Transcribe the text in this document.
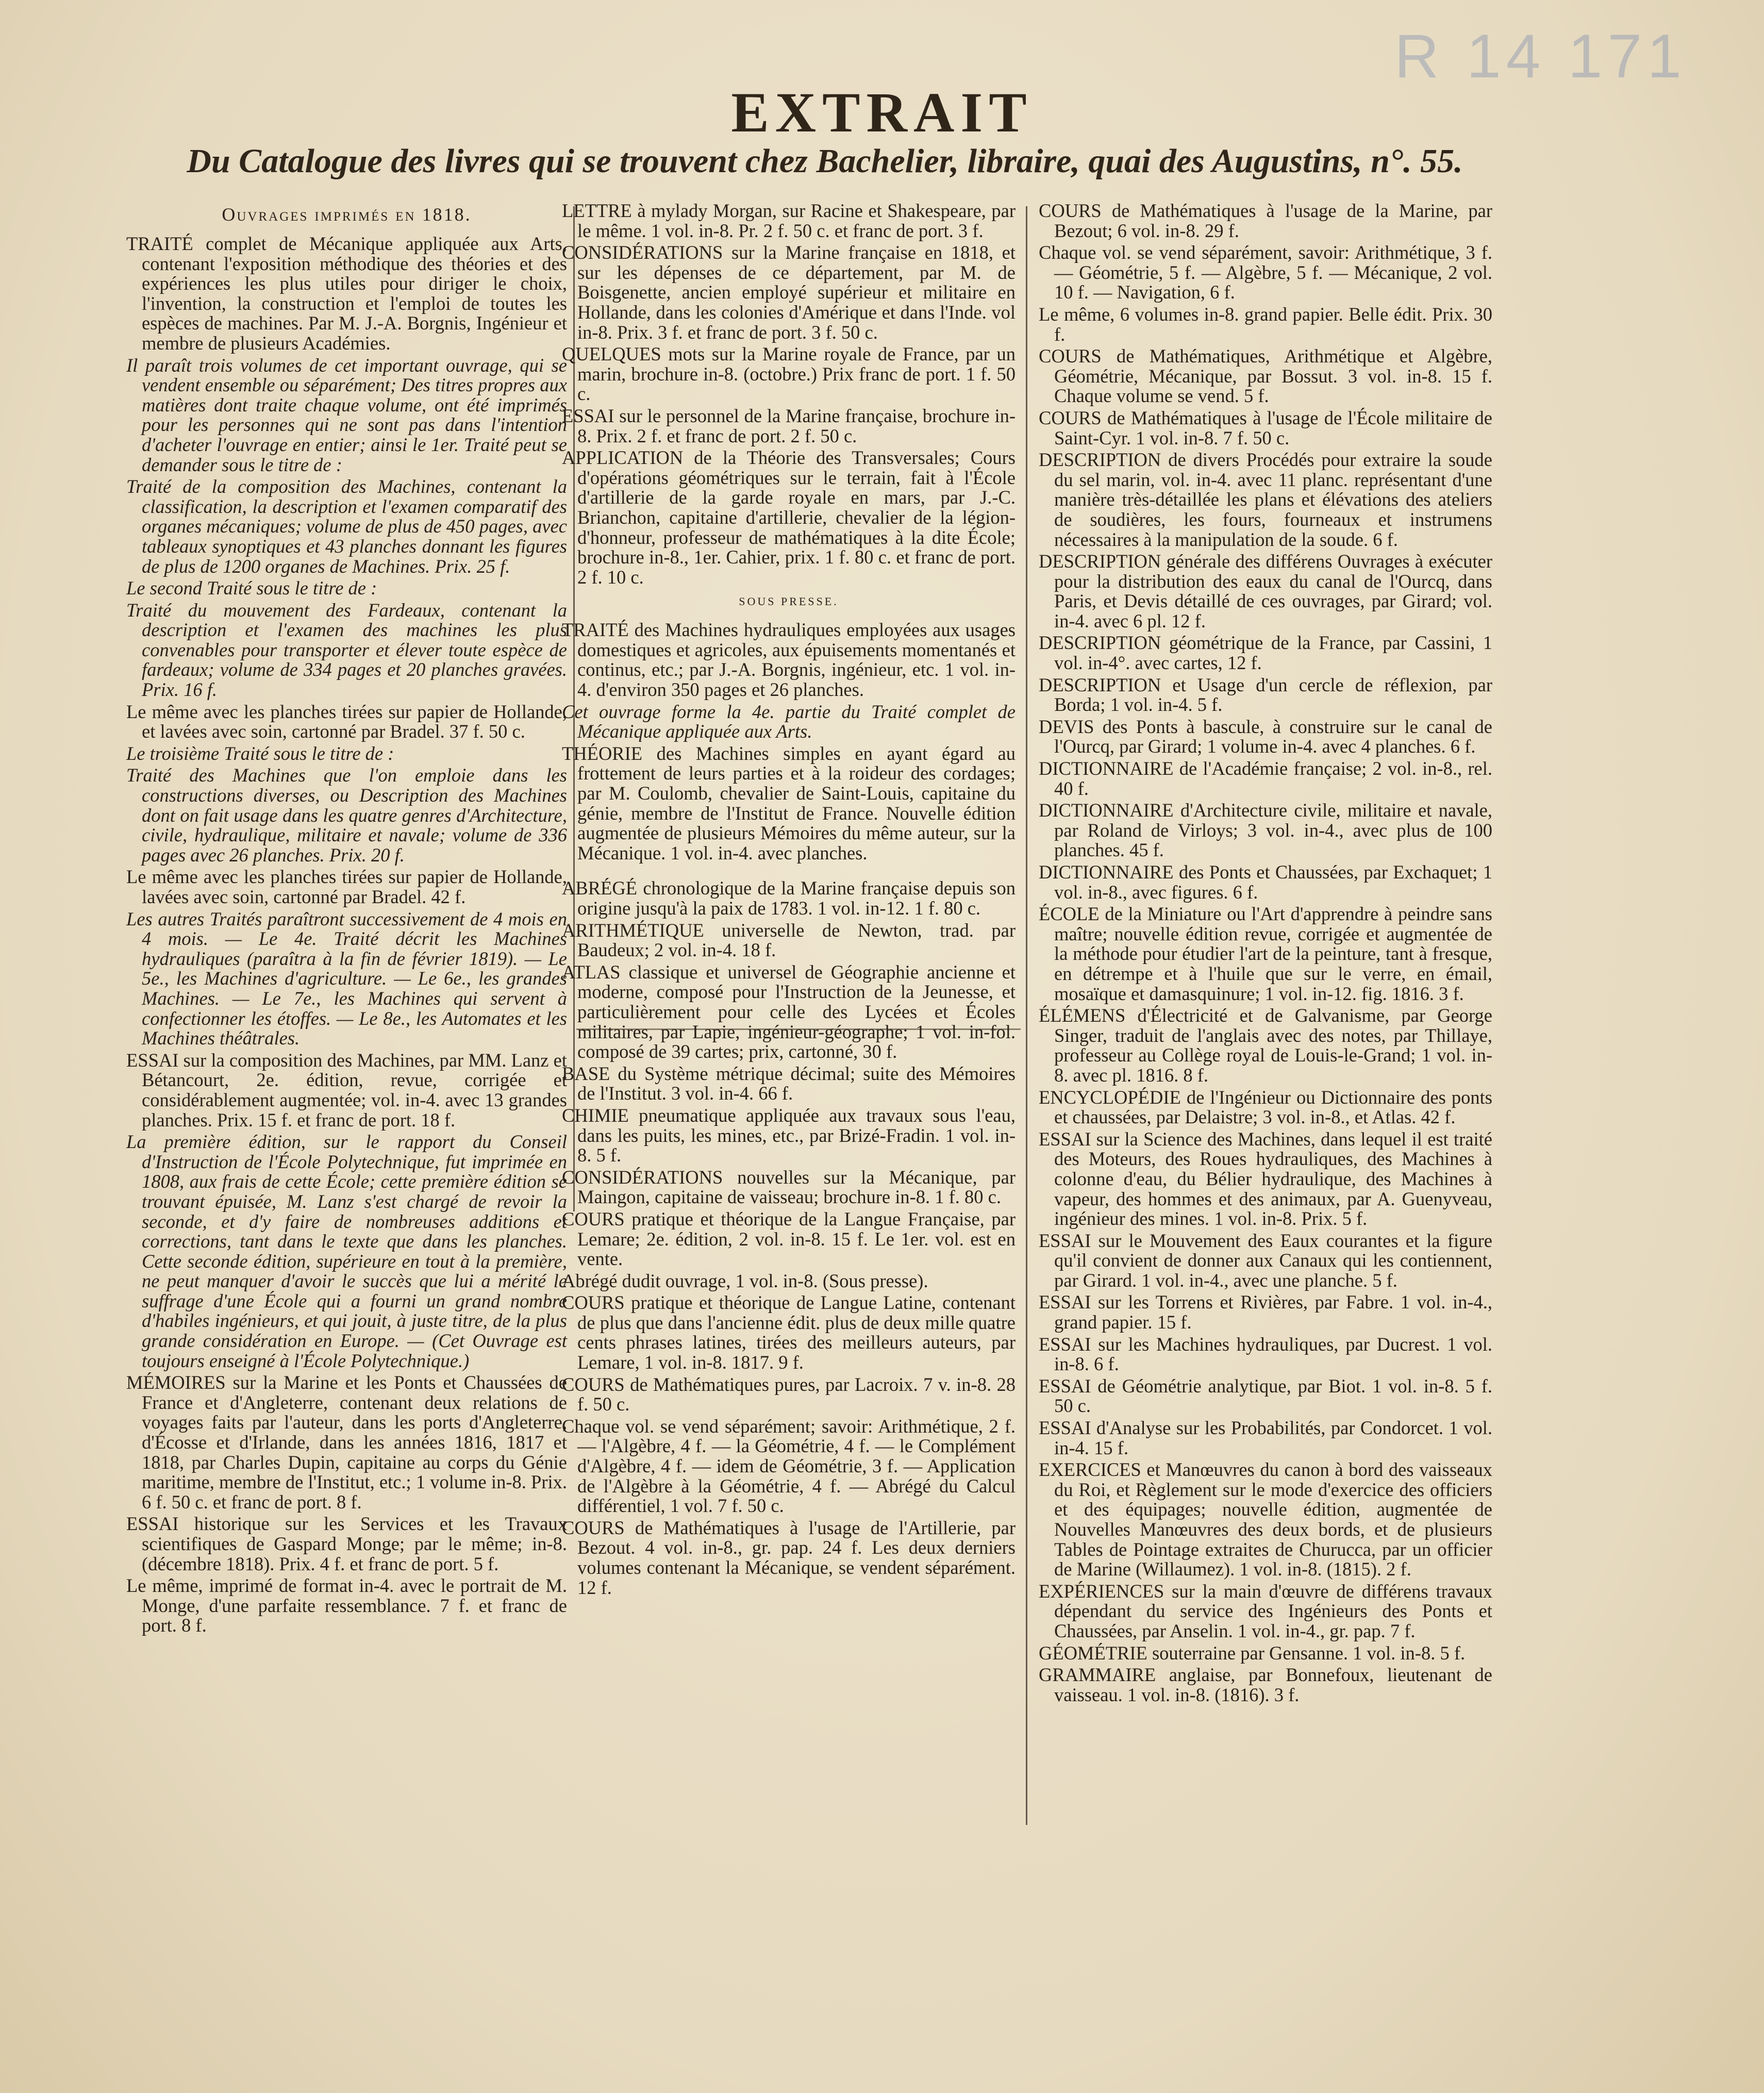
R 14 171
EXTRAIT
Du Catalogue des livres qui se trouvent chez Bachelier, libraire, quai des Augustins, n°. 55.
Ouvrages imprimés en 1818.
TRAITÉ complet de Mécanique appliquée aux Arts, contenant l'exposition méthodique des théories et des expériences les plus utiles pour diriger le choix, l'invention, la construction et l'emploi de toutes les espèces de machines. Par M. J.-A. Borgnis, Ingénieur et membre de plusieurs Académies.
Il paraît trois volumes de cet important ouvrage, qui se vendent ensemble ou séparément; Des titres propres aux matières dont traite chaque volume, ont été imprimés pour les personnes qui ne sont pas dans l'intention d'acheter l'ouvrage en entier; ainsi le 1er. Traité peut se demander sous le titre de :
Traité de la composition des Machines, contenant la classification, la description et l'examen comparatif des organes mécaniques; volume de plus de 450 pages, avec tableaux synoptiques et 43 planches donnant les figures de plus de 1200 organes de Machines. Prix. 25 f.
Le second Traité sous le titre de :
Traité du mouvement des Fardeaux, contenant la description et l'examen des machines les plus convenables pour transporter et élever toute espèce de fardeaux; volume de 334 pages et 20 planches gravées. Prix. 16 f.
Le même avec les planches tirées sur papier de Hollande, et lavées avec soin, cartonné par Bradel. 37 f. 50 c.
Le troisième Traité sous le titre de :
Traité des Machines que l'on emploie dans les constructions diverses, ou Description des Machines dont on fait usage dans les quatre genres d'Architecture, civile, hydraulique, militaire et navale; volume de 336 pages avec 26 planches. Prix. 20 f.
Le même avec les planches tirées sur papier de Hollande, lavées avec soin, cartonné par Bradel. 42 f.
Les autres Traités paraîtront successivement de 4 mois en 4 mois. — Le 4e. Traité décrit les Machines hydrauliques (paraîtra à la fin de février 1819). — Le 5e., les Machines d'agriculture. — Le 6e., les grandes Machines. — Le 7e., les Machines qui servent à confectionner les étoffes. — Le 8e., les Automates et les Machines théâtrales.
ESSAI sur la composition des Machines, par MM. Lanz et Bétancourt, 2e. édition, revue, corrigée et considérablement augmentée; vol. in-4. avec 13 grandes planches. Prix. 15 f. et franc de port. 18 f.
La première édition, sur le rapport du Conseil d'Instruction de l'École Polytechnique, fut imprimée en 1808, aux frais de cette École; cette première édition se trouvant épuisée, M. Lanz s'est chargé de revoir la seconde, et d'y faire de nombreuses additions et corrections, tant dans le texte que dans les planches. Cette seconde édition, supérieure en tout à la première, ne peut manquer d'avoir le succès que lui a mérité le suffrage d'une École qui a fourni un grand nombre d'habiles ingénieurs, et qui jouit, à juste titre, de la plus grande considération en Europe. — (Cet Ouvrage est toujours enseigné à l'École Polytechnique.)
MÉMOIRES sur la Marine et les Ponts et Chaussées de France et d'Angleterre, contenant deux relations de voyages faits par l'auteur, dans les ports d'Angleterre, d'Écosse et d'Irlande, dans les années 1816, 1817 et 1818, par Charles Dupin, capitaine au corps du Génie maritime, membre de l'Institut, etc.; 1 volume in-8. Prix. 6 f. 50 c. et franc de port. 8 f.
ESSAI historique sur les Services et les Travaux scientifiques de Gaspard Monge; par le même; in-8. (décembre 1818). Prix. 4 f. et franc de port. 5 f.
Le même, imprimé de format in-4. avec le portrait de M. Monge, d'une parfaite ressemblance. 7 f. et franc de port. 8 f.
LETTRE à mylady Morgan, sur Racine et Shakespeare, par le même. 1 vol. in-8. Pr. 2 f. 50 c. et franc de port. 3 f.
CONSIDÉRATIONS sur la Marine française en 1818, et sur les dépenses de ce département, par M. de Boisgenette, ancien employé supérieur et militaire en Hollande, dans les colonies d'Amérique et dans l'Inde. vol in-8. Prix. 3 f. et franc de port. 3 f. 50 c.
QUELQUES mots sur la Marine royale de France, par un marin, brochure in-8. (octobre.) Prix franc de port. 1 f. 50 c.
ESSAI sur le personnel de la Marine française, brochure in-8. Prix. 2 f. et franc de port. 2 f. 50 c.
APPLICATION de la Théorie des Transversales; Cours d'opérations géométriques sur le terrain, fait à l'École d'artillerie de la garde royale en mars, par J.-C. Brianchon, capitaine d'artillerie, chevalier de la légion-d'honneur, professeur de mathématiques à la dite École; brochure in-8., 1er. Cahier, prix. 1 f. 80 c. et franc de port. 2 f. 10 c.
SOUS PRESSE.
TRAITÉ des Machines hydrauliques employées aux usages domestiques et agricoles, aux épuisements momentanés et continus, etc.; par J.-A. Borgnis, ingénieur, etc. 1 vol. in-4. d'environ 350 pages et 26 planches.
Cet ouvrage forme la 4e. partie du Traité complet de Mécanique appliquée aux Arts.
THÉORIE des Machines simples en ayant égard au frottement de leurs parties et à la roideur des cordages; par M. Coulomb, chevalier de Saint-Louis, capitaine du génie, membre de l'Institut de France. Nouvelle édition augmentée de plusieurs Mémoires du même auteur, sur la Mécanique. 1 vol. in-4. avec planches.
ABRÉGÉ chronologique de la Marine française depuis son origine jusqu'à la paix de 1783. 1 vol. in-12. 1 f. 80 c.
ARITHMÉTIQUE universelle de Newton, trad. par Baudeux; 2 vol. in-4. 18 f.
ATLAS classique et universel de Géographie ancienne et moderne, composé pour l'Instruction de la Jeunesse, et particulièrement pour celle des Lycées et Écoles militaires, par Lapie, ingénieur-géographe; 1 vol. in-fol. composé de 39 cartes; prix, cartonné, 30 f.
BASE du Système métrique décimal; suite des Mémoires de l'Institut. 3 vol. in-4. 66 f.
CHIMIE pneumatique appliquée aux travaux sous l'eau, dans les puits, les mines, etc., par Brizé-Fradin. 1 vol. in-8. 5 f.
CONSIDÉRATIONS nouvelles sur la Mécanique, par Maingon, capitaine de vaisseau; brochure in-8. 1 f. 80 c.
COURS pratique et théorique de la Langue Française, par Lemare; 2e. édition, 2 vol. in-8. 15 f. Le 1er. vol. est en vente.
Abrégé dudit ouvrage, 1 vol. in-8. (Sous presse).
COURS pratique et théorique de Langue Latine, contenant de plus que dans l'ancienne édit. plus de deux mille quatre cents phrases latines, tirées des meilleurs auteurs, par Lemare, 1 vol. in-8. 1817. 9 f.
COURS de Mathématiques pures, par Lacroix. 7 v. in-8. 28 f. 50 c.
Chaque vol. se vend séparément; savoir: Arithmétique, 2 f. — l'Algèbre, 4 f. — la Géométrie, 4 f. — le Complément d'Algèbre, 4 f. — idem de Géométrie, 3 f. — Application de l'Algèbre à la Géométrie, 4 f. — Abrégé du Calcul différentiel, 1 vol. 7 f. 50 c.
COURS de Mathématiques à l'usage de l'Artillerie, par Bezout. 4 vol. in-8., gr. pap. 24 f. Les deux derniers volumes contenant la Mécanique, se vendent séparément. 12 f.
COURS de Mathématiques à l'usage de la Marine, par Bezout; 6 vol. in-8. 29 f.
Chaque vol. se vend séparément, savoir: Arithmétique, 3 f. — Géométrie, 5 f. — Algèbre, 5 f. — Mécanique, 2 vol. 10 f. — Navigation, 6 f.
Le même, 6 volumes in-8. grand papier. Belle édit. Prix. 30 f.
COURS de Mathématiques, Arithmétique et Algèbre, Géométrie, Mécanique, par Bossut. 3 vol. in-8. 15 f. Chaque volume se vend. 5 f.
COURS de Mathématiques à l'usage de l'École militaire de Saint-Cyr. 1 vol. in-8. 7 f. 50 c.
DESCRIPTION de divers Procédés pour extraire la soude du sel marin, vol. in-4. avec 11 planc. représentant d'une manière très-détaillée les plans et élévations des ateliers de soudières, les fours, fourneaux et instrumens nécessaires à la manipulation de la soude. 6 f.
DESCRIPTION générale des différens Ouvrages à exécuter pour la distribution des eaux du canal de l'Ourcq, dans Paris, et Devis détaillé de ces ouvrages, par Girard; vol. in-4. avec 6 pl. 12 f.
DESCRIPTION géométrique de la France, par Cassini, 1 vol. in-4°. avec cartes, 12 f.
DESCRIPTION et Usage d'un cercle de réflexion, par Borda; 1 vol. in-4. 5 f.
DEVIS des Ponts à bascule, à construire sur le canal de l'Ourcq, par Girard; 1 volume in-4. avec 4 planches. 6 f.
DICTIONNAIRE de l'Académie française; 2 vol. in-8., rel. 40 f.
DICTIONNAIRE d'Architecture civile, militaire et navale, par Roland de Virloys; 3 vol. in-4., avec plus de 100 planches. 45 f.
DICTIONNAIRE des Ponts et Chaussées, par Exchaquet; 1 vol. in-8., avec figures. 6 f.
ÉCOLE de la Miniature ou l'Art d'apprendre à peindre sans maître; nouvelle édition revue, corrigée et augmentée de la méthode pour étudier l'art de la peinture, tant à fresque, en détrempe et à l'huile que sur le verre, en émail, mosaïque et damasquinure; 1 vol. in-12. fig. 1816. 3 f.
ÉLÉMENS d'Électricité et de Galvanisme, par George Singer, traduit de l'anglais avec des notes, par Thillaye, professeur au Collège royal de Louis-le-Grand; 1 vol. in-8. avec pl. 1816. 8 f.
ENCYCLOPÉDIE de l'Ingénieur ou Dictionnaire des ponts et chaussées, par Delaistre; 3 vol. in-8., et Atlas. 42 f.
ESSAI sur la Science des Machines, dans lequel il est traité des Moteurs, des Roues hydrauliques, des Machines à colonne d'eau, du Bélier hydraulique, des Machines à vapeur, des hommes et des animaux, par A. Guenyveau, ingénieur des mines. 1 vol. in-8. Prix. 5 f.
ESSAI sur le Mouvement des Eaux courantes et la figure qu'il convient de donner aux Canaux qui les contiennent, par Girard. 1 vol. in-4., avec une planche. 5 f.
ESSAI sur les Torrens et Rivières, par Fabre. 1 vol. in-4., grand papier. 15 f.
ESSAI sur les Machines hydrauliques, par Ducrest. 1 vol. in-8. 6 f.
ESSAI de Géométrie analytique, par Biot. 1 vol. in-8. 5 f. 50 c.
ESSAI d'Analyse sur les Probabilités, par Condorcet. 1 vol. in-4. 15 f.
EXERCICES et Manœuvres du canon à bord des vaisseaux du Roi, et Règlement sur le mode d'exercice des officiers et des équipages; nouvelle édition, augmentée de Nouvelles Manœuvres des deux bords, et de plusieurs Tables de Pointage extraites de Churucca, par un officier de Marine (Willaumez). 1 vol. in-8. (1815). 2 f.
EXPÉRIENCES sur la main d'œuvre de différens travaux dépendant du service des Ingénieurs des Ponts et Chaussées, par Anselin. 1 vol. in-4., gr. pap. 7 f.
GÉOMÉTRIE souterraine par Gensanne. 1 vol. in-8. 5 f.
GRAMMAIRE anglaise, par Bonnefoux, lieutenant de vaisseau. 1 vol. in-8. (1816). 3 f.
